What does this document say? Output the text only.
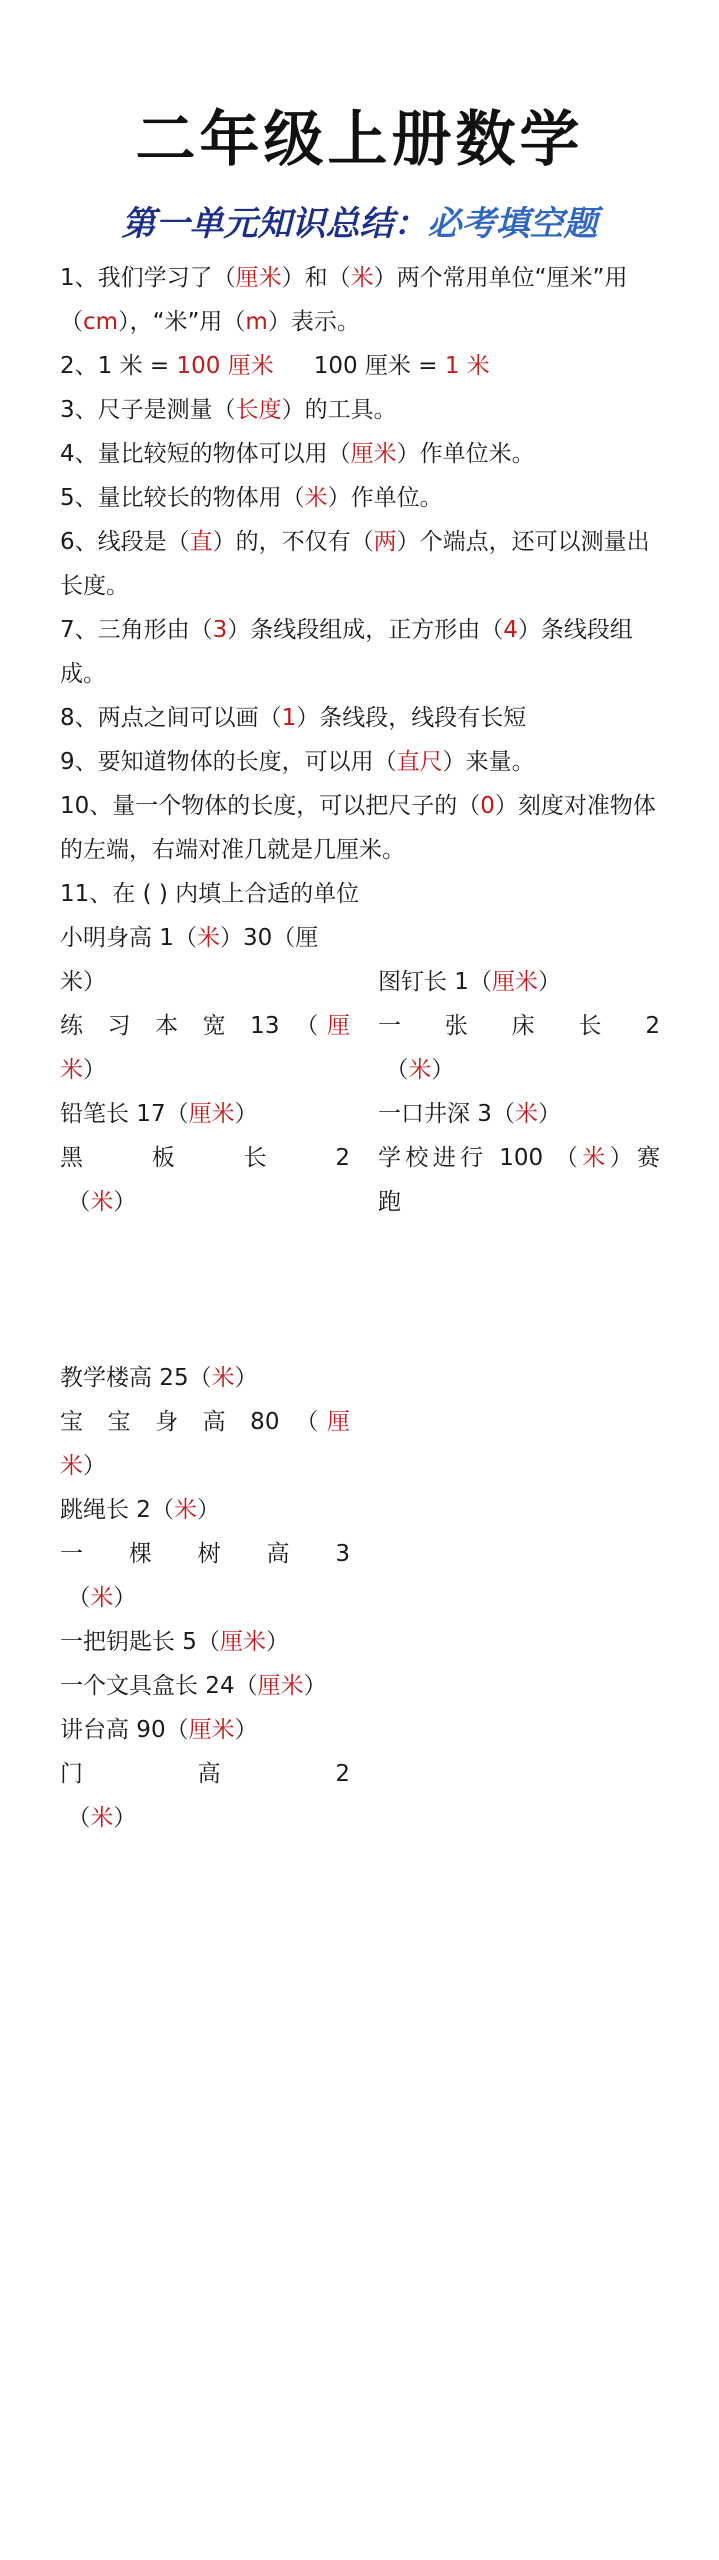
二年级上册数学
第一单元知识总结：必考填空题
1、我们学习了（厘米）和（米）两个常用单位“厘米”用
（cm），“米”用（m）表示。
2、1 米 = 100 厘米 100 厘米 = 1 米
3、尺子是测量（长度）的工具。
4、量比较短的物体可以用（厘米）作单位米。
5、量比较长的物体用（米）作单位。
6、线段是（直）的，不仅有（两）个端点，还可以测量出
长度。
7、三角形由（3）条线段组成，正方形由（4）条线段组
成。
8、两点之间可以画（1）条线段，线段有长短
9、要知道物体的长度，可以用（直尺）来量。
10、量一个物体的长度，可以把尺子的（0）刻度对准物体
的左端，右端对准几就是几厘米。
11、在 ( ) 内填上合适的单位
小明身高 1（米）30（厘
米）	图钉长 1（厘米）
练 习 本 宽 13 （厘
米）
一 张 床 长 2
（米）
铅笔长 17（厘米）	一口井深 3（米）
黑 板 长 2
（米）
学校进行 100 （米）赛
跑
教学楼高 25（米）
宝 宝 身 高 80 （厘
米）
跳绳长 2（米）
一 棵 树 高 3
（米）
一把钥匙长 5（厘米）
一个文具盒长 24（厘米）
讲台高 90（厘米）
门 高 2
（米）
